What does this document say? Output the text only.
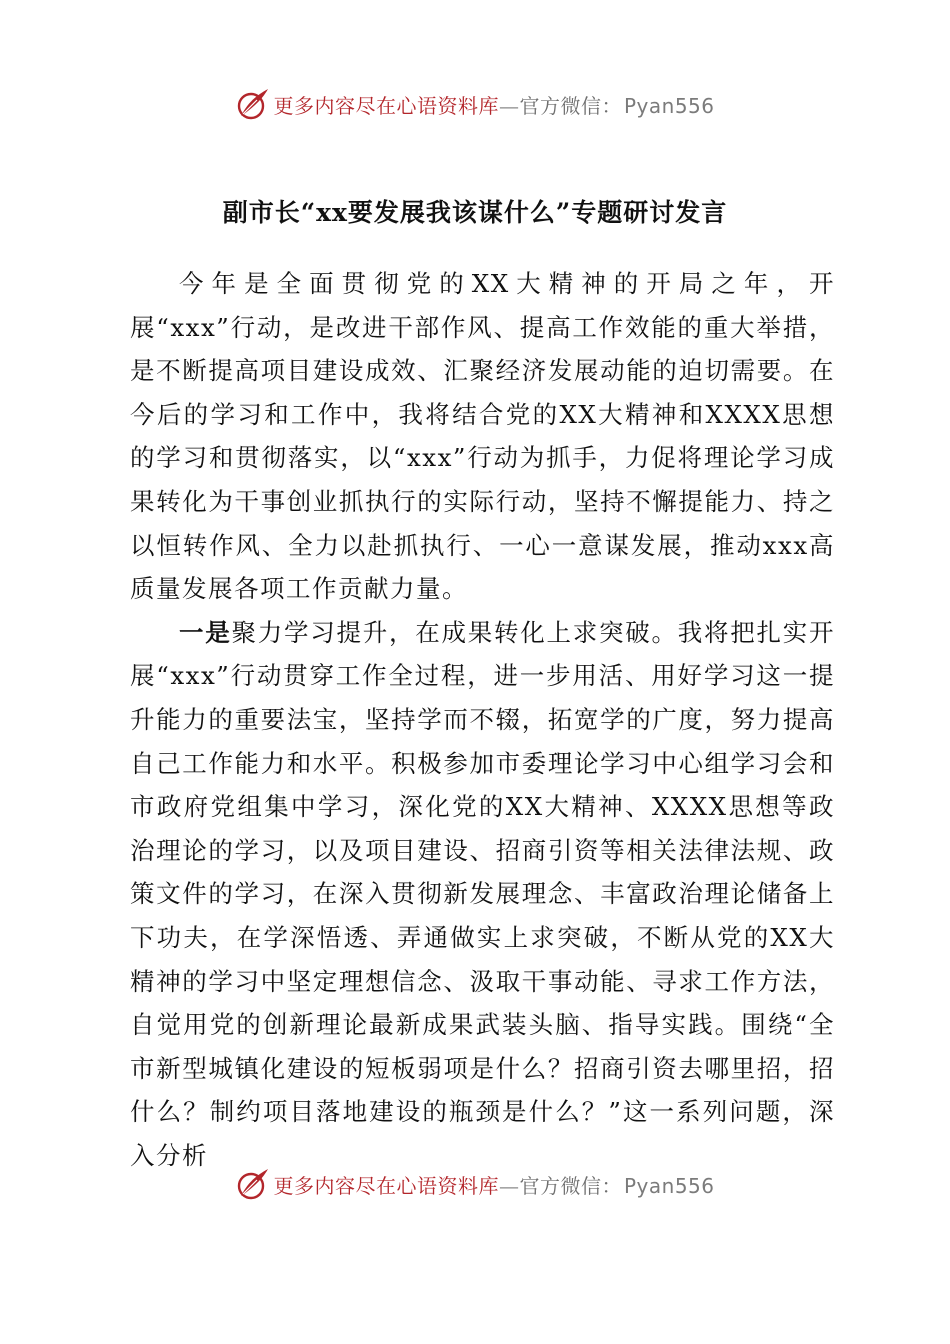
更多内容尽在心语资料库—官方微信： Pyan556
副市长“xx要发展我该谋什么”专题研讨发言

今年是全面贯彻党的XX大精神的开局之年，开展“xxx”行动，是改进干部作风、提高工作效能的重大举措，是不断提高项目建设成效、汇聚经济发展动能的迫切需要。在今后的学习和工作中，我将结合党的XX大精神和XXXX思想的学习和贯彻落实，以“xxx”行动为抓手，力促将理论学习成果转化为干事创业抓执行的实际行动，坚持不懈提能力、持之以恒转作风、全力以赴抓执行、一心一意谋发展，推动xxx高质量发展各项工作贡献力量。

一是聚力学习提升，在成果转化上求突破。我将把扎实开展“xxx”行动贯穿工作全过程，进一步用活、用好学习这一提升能力的重要法宝，坚持学而不辍，拓宽学的广度，努力提高自己工作能力和水平。积极参加市委理论学习中心组学习会和市政府党组集中学习，深化党的XX大精神、XXXX思想等政治理论的学习，以及项目建设、招商引资等相关法律法规、政策文件的学习，在深入贯彻新发展理念、丰富政治理论储备上下功夫，在学深悟透、弄通做实上求突破，不断从党的XX大精神的学习中坚定理想信念、汲取干事动能、寻求工作方法，自觉用党的创新理论最新成果武装头脑、指导实践。围绕“全市新型城镇化建设的短板弱项是什么？招商引资去哪里招，招什么？制约项目落地建设的瓶颈是什么？”这一系列问题，深入分析

更多内容尽在心语资料库—官方微信： Pyan556
